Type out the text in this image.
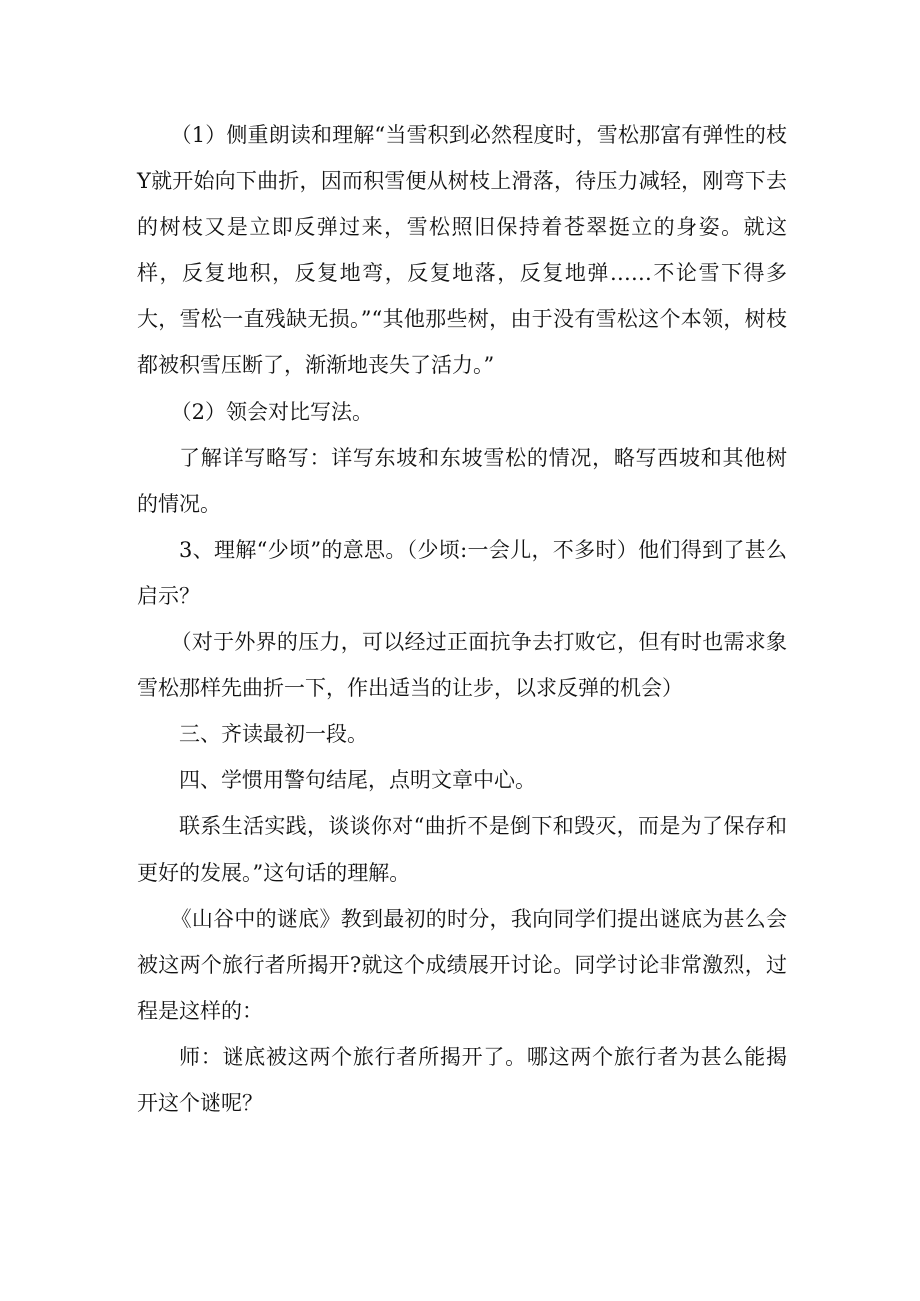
（1）侧重朗读和理解“当雪积到必然程度时，雪松那富有弹性的枝Y就开始向下曲折，因而积雪便从树枝上滑落，待压力减轻，刚弯下去的树枝又是立即反弹过来，雪松照旧保持着苍翠挺立的身姿。就这样，反复地积，反复地弯，反复地落，反复地弹……不论雪下得多大，雪松一直残缺无损。”“其他那些树，由于没有雪松这个本领，树枝都被积雪压断了，渐渐地丧失了活力。”

（2）领会对比写法。

了解详写略写：详写东坡和东坡雪松的情况，略写西坡和其他树的情况。

3、理解“少顷”的意思。（少顷:一会儿，不多时）他们得到了甚么启示？

（对于外界的压力，可以经过正面抗争去打败它，但有时也需求象雪松那样先曲折一下，作出适当的让步，以求反弹的机会）

三、齐读最初一段。

四、学惯用警句结尾，点明文章中心。

联系生活实践，谈谈你对“曲折不是倒下和毁灭，而是为了保存和更好的发展。”这句话的理解。

《山谷中的谜底》教到最初的时分，我向同学们提出谜底为甚么会被这两个旅行者所揭开?就这个成绩展开讨论。同学讨论非常激烈，过程是这样的：

师：谜底被这两个旅行者所揭开了。哪这两个旅行者为甚么能揭开这个谜呢？
